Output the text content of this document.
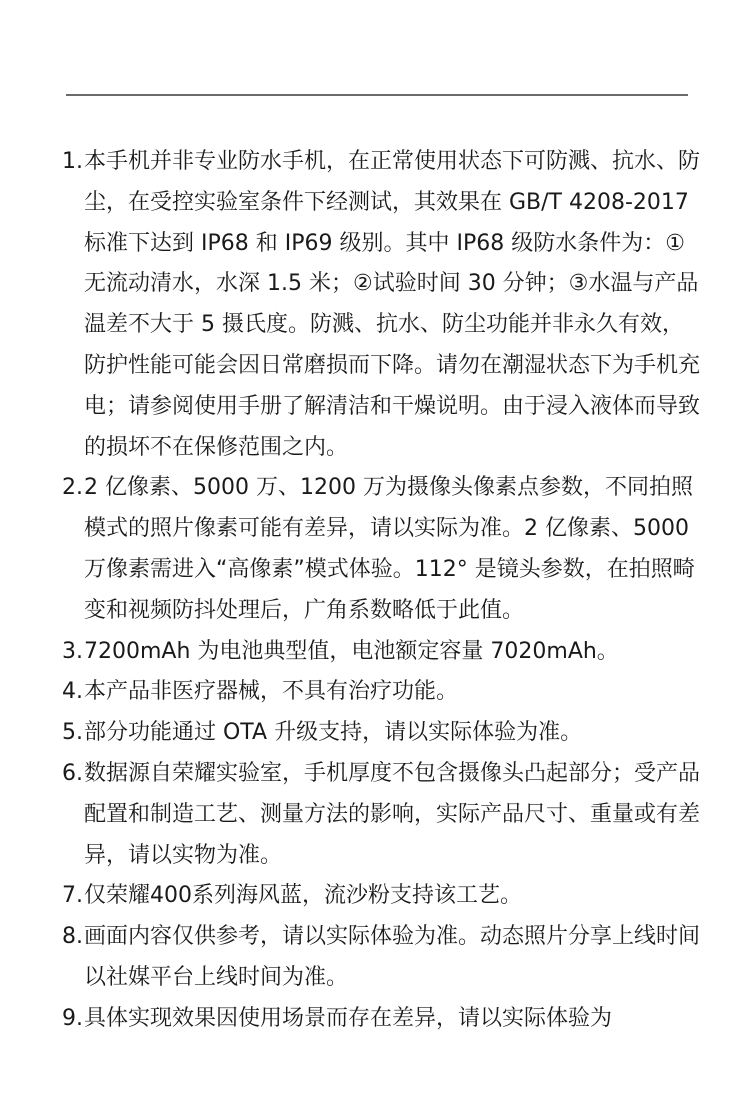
1. 本手机并非专业防水手机，在正常使用状态下可防溅、抗水、防尘，在受控实验室条件下经测试，其效果在 GB/T 4208-2017 标准下达到 IP68 和 IP69 级别。其中 IP68 级防水条件为：①无流动清水，水深 1.5 米；②试验时间 30 分钟；③水温与产品温差不大于 5 摄氏度。防溅、抗水、防尘功能并非永久有效，防护性能可能会因日常磨损而下降。请勿在潮湿状态下为手机充电；请参阅使用手册了解清洁和干燥说明。由于浸入液体而导致的损坏不在保修范围之内。
2. 2 亿像素、5000 万、1200 万为摄像头像素点参数，不同拍照模式的照片像素可能有差异，请以实际为准。2 亿像素、5000 万像素需进入“高像素”模式体验。112° 是镜头参数，在拍照畸变和视频防抖处理后，广角系数略低于此值。
3. 7200mAh 为电池典型值，电池额定容量 7020mAh。
4. 本产品非医疗器械，不具有治疗功能。
5. 部分功能通过 OTA 升级支持，请以实际体验为准。
6. 数据源自荣耀实验室，手机厚度不包含摄像头凸起部分；受产品配置和制造工艺、测量方法的影响，实际产品尺寸、重量或有差异，请以实物为准。
7. 仅荣耀400系列海风蓝，流沙粉支持该工艺。
8. 画面内容仅供参考，请以实际体验为准。动态照片分享上线时间以社媒平台上线时间为准。
9. 具体实现效果因使用场景而存在差异，请以实际体验为
